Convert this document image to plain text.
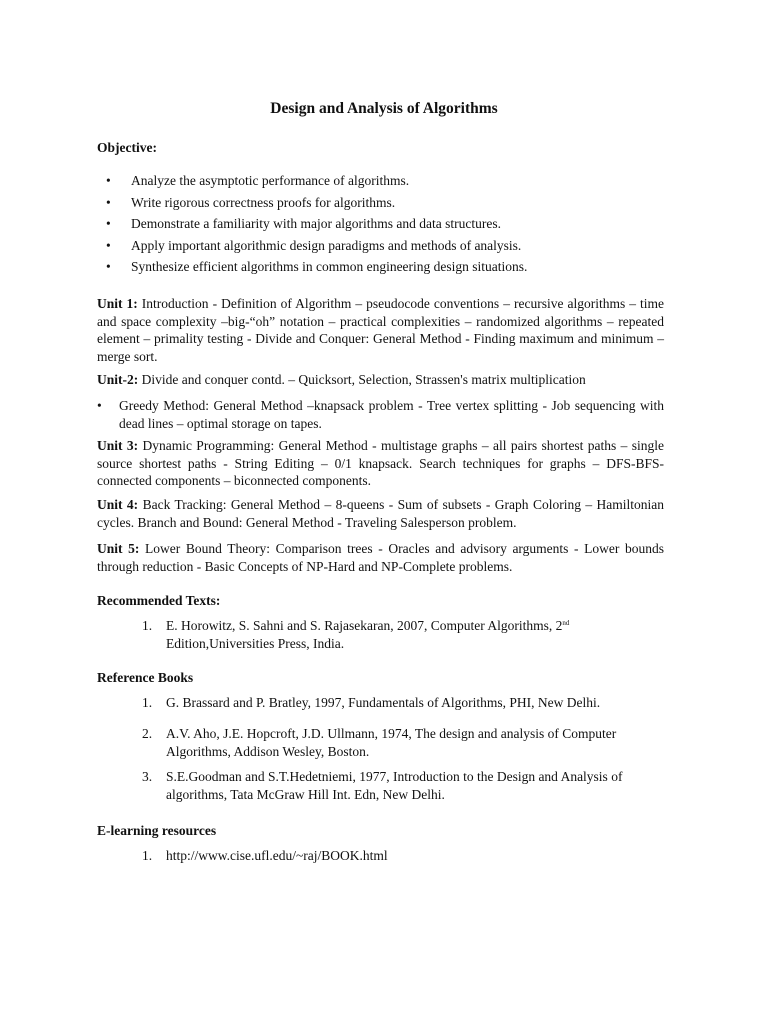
Design and Analysis of Algorithms
Objective:
• Analyze the asymptotic performance of algorithms.
• Write rigorous correctness proofs for algorithms.
• Demonstrate a familiarity with major algorithms and data structures.
• Apply important algorithmic design paradigms and methods of analysis.
• Synthesize efficient algorithms in common engineering design situations.
Unit 1: Introduction - Definition of Algorithm – pseudocode conventions – recursive algorithms – time and space complexity –big-“oh” notation – practical complexities – randomized algorithms – repeated element – primality testing - Divide and Conquer: General Method - Finding maximum and minimum – merge sort.
Unit-2: Divide and conquer contd. – Quicksort, Selection, Strassen's matrix multiplication
• Greedy Method: General Method –knapsack problem - Tree vertex splitting - Job sequencing with dead lines – optimal storage on tapes.
Unit 3: Dynamic Programming: General Method - multistage graphs – all pairs shortest paths – single source shortest paths - String Editing – 0/1 knapsack. Search techniques for graphs – DFS-BFS-connected components – biconnected components.
Unit 4: Back Tracking: General Method – 8-queens - Sum of subsets - Graph Coloring – Hamiltonian cycles. Branch and Bound: General Method - Traveling Salesperson problem.
Unit 5: Lower Bound Theory: Comparison trees - Oracles and advisory arguments - Lower bounds through reduction - Basic Concepts of NP-Hard and NP-Complete problems.
Recommended Texts:
1. E. Horowitz, S. Sahni and S. Rajasekaran, 2007, Computer Algorithms, 2nd
Edition,Universities Press, India.
Reference Books
1. G. Brassard and P. Bratley, 1997, Fundamentals of Algorithms, PHI, New Delhi.
2. A.V. Aho, J.E. Hopcroft, J.D. Ullmann, 1974, The design and analysis of Computer Algorithms, Addison Wesley, Boston.
3. S.E.Goodman and S.T.Hedetniemi, 1977, Introduction to the Design and Analysis of algorithms, Tata McGraw Hill Int. Edn, New Delhi.
E-learning resources
1. http://www.cise.ufl.edu/~raj/BOOK.html
